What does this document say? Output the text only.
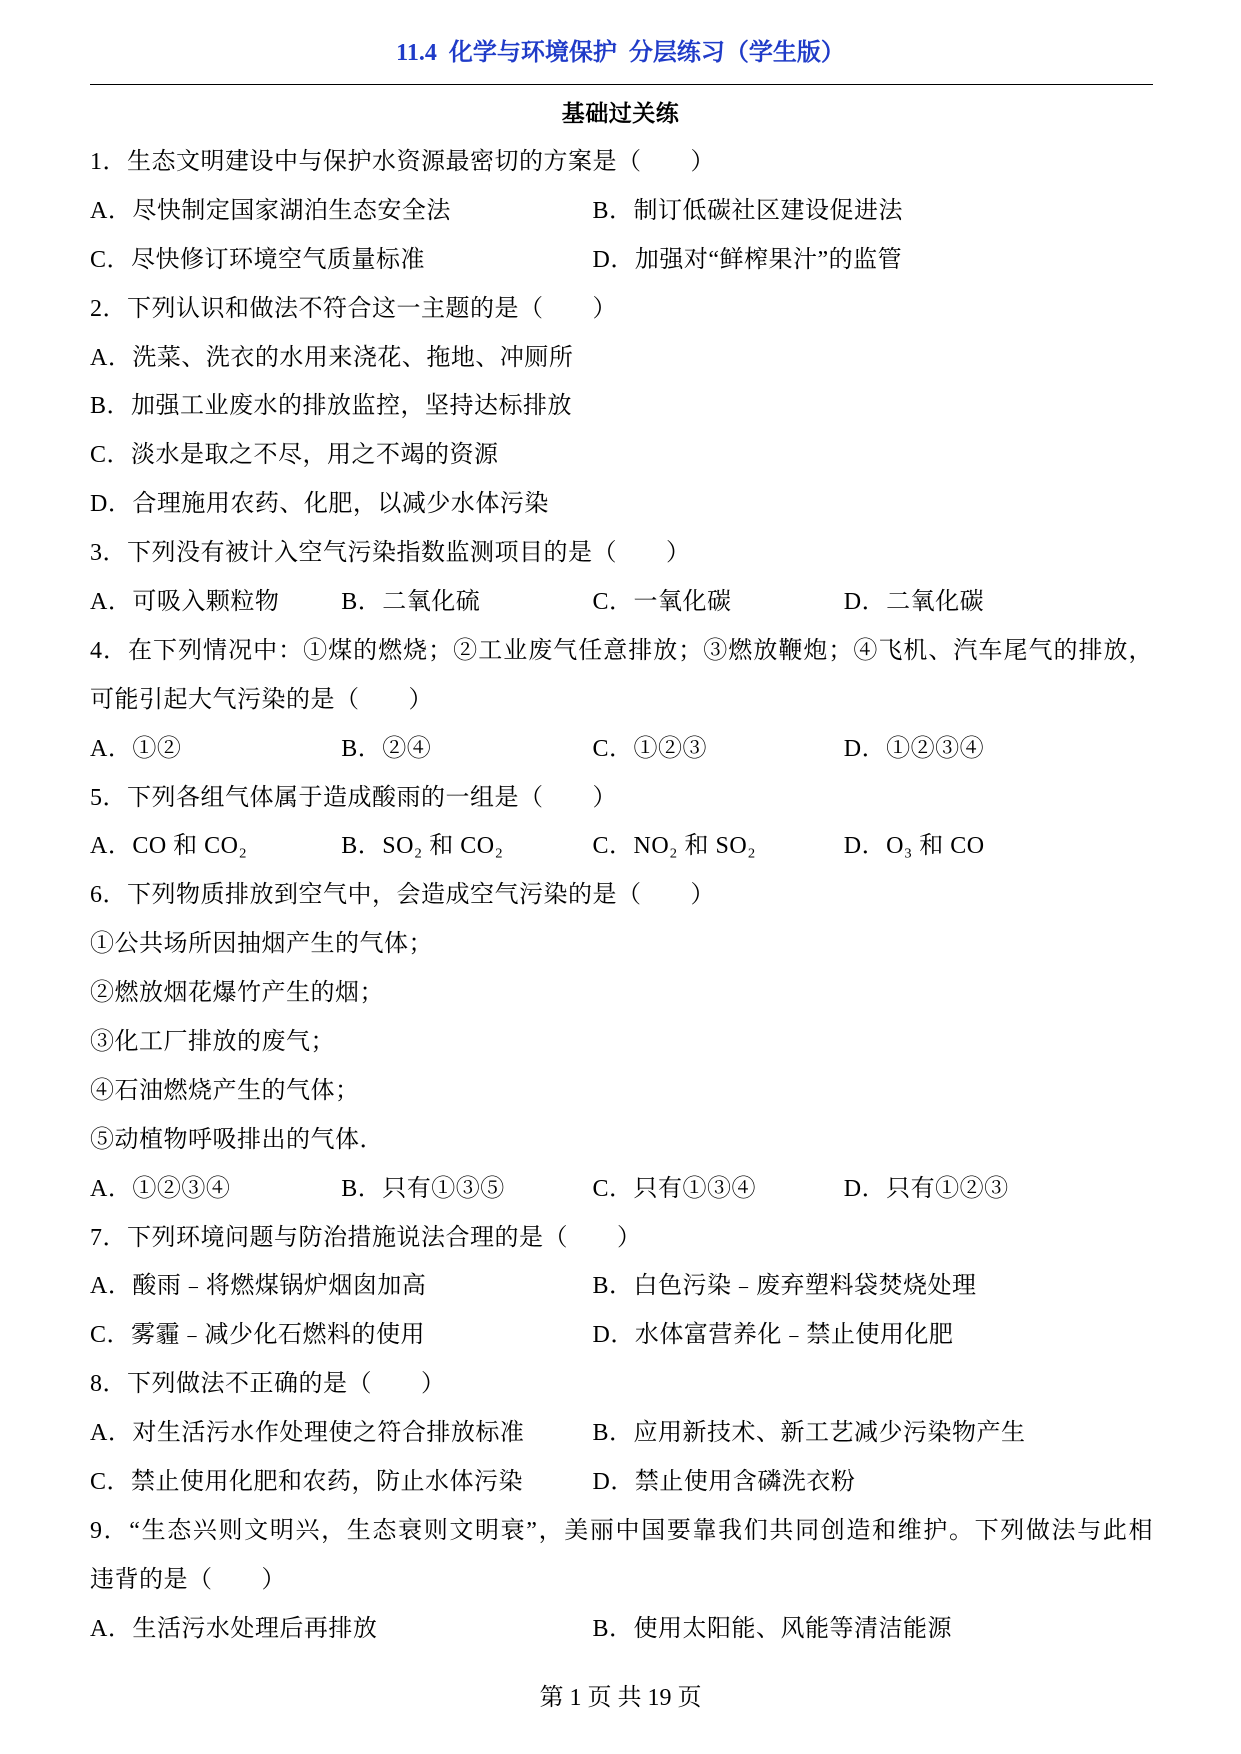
11.4 化学与环境保护 分层练习（学生版）
基础过关练
1．生态文明建设中与保护水资源最密切的方案是（　　）
A．尽快制定国家湖泊生态安全法	B．制订低碳社区建设促进法
C．尽快修订环境空气质量标准	D．加强对“鲜榨果汁”的监管
2．下列认识和做法不符合这一主题的是（　　）
A．洗菜、洗衣的水用来浇花、拖地、冲厕所
B．加强工业废水的排放监控，坚持达标排放
C．淡水是取之不尽，用之不竭的资源
D．合理施用农药、化肥，以减少水体污染
3．下列没有被计入空气污染指数监测项目的是（　　）
A．可吸入颗粒物	B．二氧化硫	C．一氧化碳	D．二氧化碳
4．在下列情况中：①煤的燃烧；②工业废气任意排放；③燃放鞭炮；④飞机、汽车尾气的排放，
可能引起大气污染的是（　　）
A．①②	B．②④	C．①②③	D．①②③④
5．下列各组气体属于造成酸雨的一组是（　　）
A．CO 和 CO₂	B．SO₂ 和 CO₂	C．NO₂ 和 SO₂	D．O₃ 和 CO
6．下列物质排放到空气中，会造成空气污染的是（　　）
①公共场所因抽烟产生的气体；
②燃放烟花爆竹产生的烟；
③化工厂排放的废气；
④石油燃烧产生的气体；
⑤动植物呼吸排出的气体．
A．①②③④	B．只有①③⑤	C．只有①③④	D．只有①②③
7．下列环境问题与防治措施说法合理的是（　　）
A．酸雨﹣将燃煤锅炉烟囱加高	B．白色污染﹣废弃塑料袋焚烧处理
C．雾霾﹣减少化石燃料的使用	D．水体富营养化﹣禁止使用化肥
8．下列做法不正确的是（　　）
A．对生活污水作处理使之符合排放标准	B．应用新技术、新工艺减少污染物产生
C．禁止使用化肥和农药，防止水体污染	D．禁止使用含磷洗衣粉
9．“生态兴则文明兴，生态衰则文明衰”，美丽中国要靠我们共同创造和维护。下列做法与此相
违背的是（　　）
A．生活污水处理后再排放	B．使用太阳能、风能等清洁能源
第 1 页 共 19 页
